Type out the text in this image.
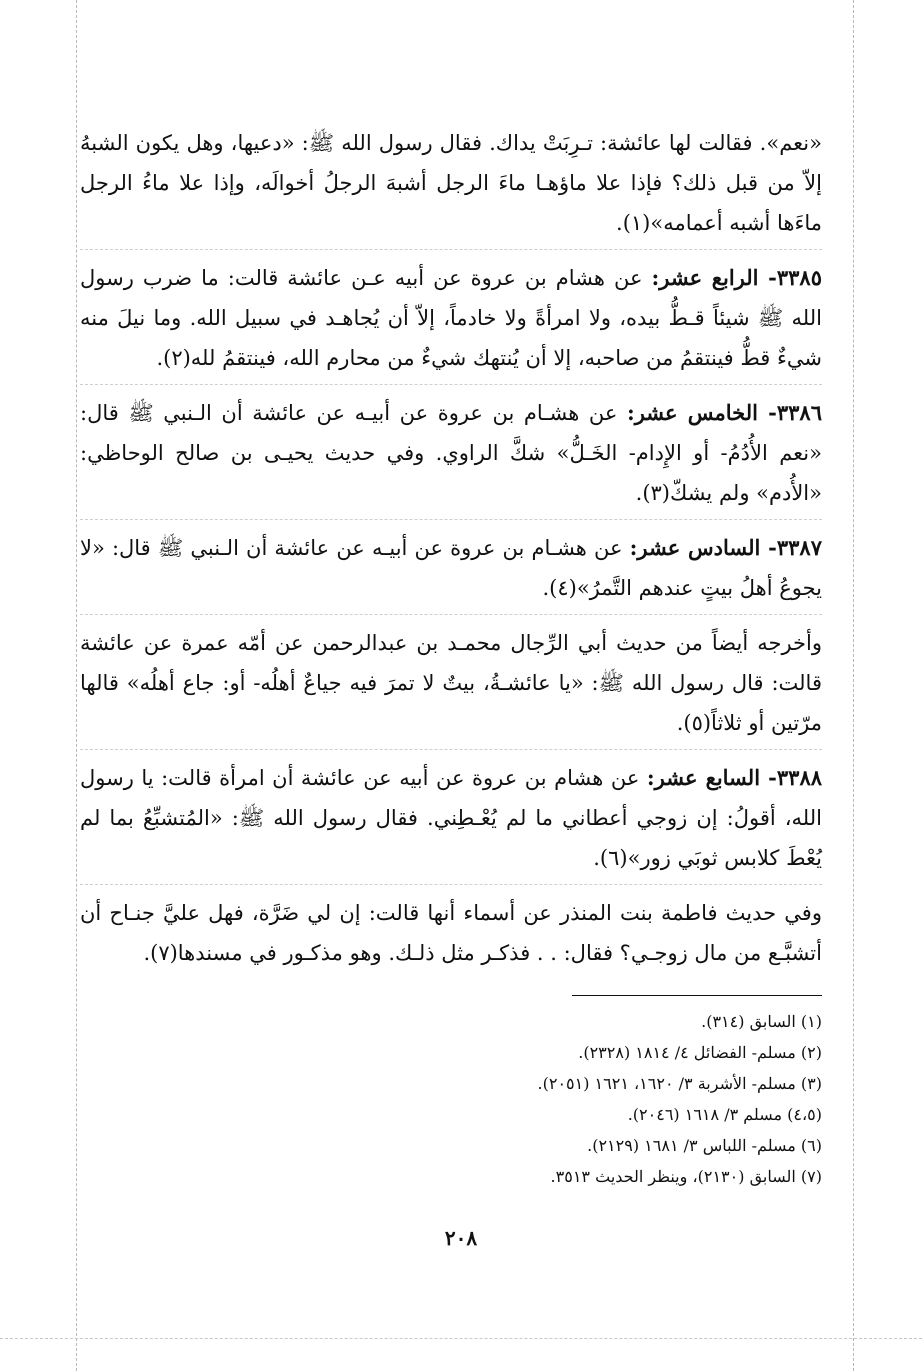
«نعم». فقالت لها عائشة: تـرِبَتْ يداك. فقال رسول الله ﷺ: «دعيها، وهل يكون الشبهُ إلاّ من قبل ذلك؟ فإذا علا ماؤهـا ماءَ الرجل أشبهَ الرجلُ أخوالَه، وإذا علا ماءُ الرجل ماءَها أشبه أعمامه»(١).

٣٣٨٥- الرابع عشر: عن هشام بن عروة عن أبيه عـن عائشة قالت: ما ضرب رسول الله ﷺ شيئاً قـطُّ بيده، ولا امرأةً ولا خادماً، إلاّ أن يُجاهـد في سبيل الله. وما نيلَ منه شيءٌ قطُّ فينتقمُ من صاحبه، إلا أن يُنتهك شيءٌ من محارم الله، فينتقمُ لله(٢).

٣٣٨٦- الخامس عشر: عن هشـام بن عروة عن أبيـه عن عائشة أن الـنبي ﷺ قال: «نعم الأُدُمُ- أو الإِدام- الخَـلُّ» شكَّ الراوي. وفي حديث يحيـى بن صالح الوحاظي: «الأُدم» ولم يشكّ(٣).

٣٣٨٧- السادس عشر: عن هشـام بن عروة عن أبيـه عن عائشة أن الـنبي ﷺ قال: «لا يجوعُ أهلُ بيتٍ عندهم التَّمرُ»(٤).

وأخرجه أيضاً من حديث أبي الرِّجال محمـد بن عبدالرحمن عن أمّه عمرة عن عائشة قالت: قال رسول الله ﷺ: «يا عائشـةُ، بيتٌ لا تمرَ فيه جياعٌ أهلُه- أو: جاع أهلُه» قالها مرّتين أو ثلاثاً(٥).

٣٣٨٨- السابع عشر: عن هشام بن عروة عن أبيه عن عائشة أن امرأة قالت: يا رسول الله، أقولُ: إن زوجي أعطاني ما لم يُعْـطِني. فقال رسول الله ﷺ: «المُتشبِّعُ بما لم يُعْطَ كلابس ثوبَي زور»(٦).

وفي حديث فاطمة بنت المنذر عن أسماء أنها قالت: إن لي ضَرَّة، فهل عليَّ جنـاح أن أتشبَّـع من مال زوجـي؟ فقال: . . فذكـر مثل ذلـك. وهو مذكـور في مسندها(٧).

(١) السابق (٣١٤).

(٢) مسلم- الفضائل ٤/ ١٨١٤ (٢٣٢٨).

(٣) مسلم- الأشربة ٣/ ١٦٢٠، ١٦٢١ (٢٠٥١).

(٤،٥) مسلم ٣/ ١٦١٨ (٢٠٤٦).

(٦) مسلم- اللباس ٣/ ١٦٨١ (٢١٢٩).

(٧) السابق (٢١٣٠)، وينظر الحديث ٣٥١٣.

٢٠٨
